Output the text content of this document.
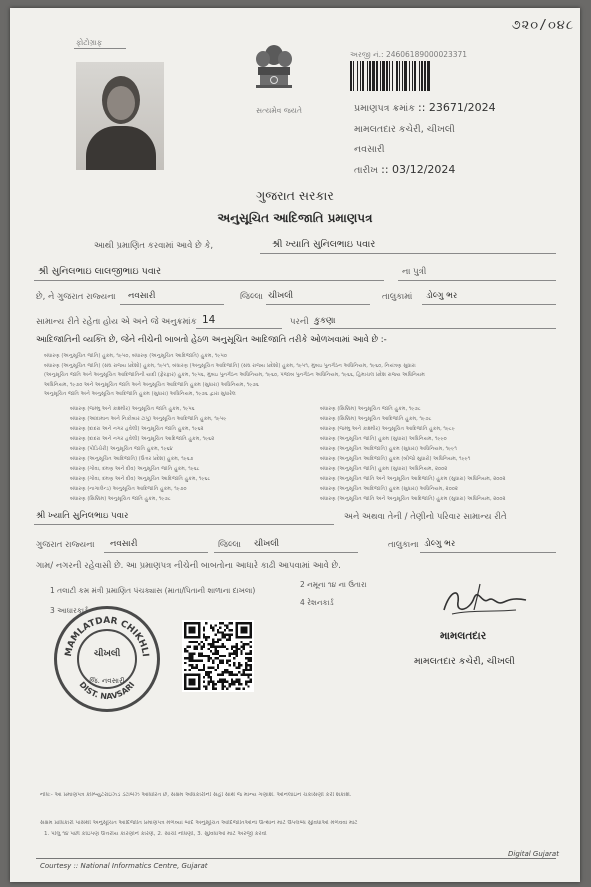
૭૨૦/૦૪૮
ફોટોગ્રાફ
સત્યમેવ જયતે
અરજી નં.: 24606189000023371
પ્રમાણપત્ર ક્રમાંક :: 23671/2024
મામલતદાર કચેરી, ચીખલી
નવસારી
તારીખ :: 03/12/2024
ગુજરાત સરકાર
અનુસૂચિત આદિજાતિ પ્રમાણપત્ર
આથી પ્રમાણિત કરવામાં આવે છે કે,	શ્રી ખ્યાતિ સુનિલભાઇ પવાર
શ્રી સુનિલભાઇ લાલજીભાઇ પવાર	ના પુત્રી
છે, ને ગુજરાત રાજ્યના નવસારી	જિલ્લા ચીખલી	તાલુકામાં ડોલ્ગુ ભર
સામાન્ય રીતે રહેતા હોય એ અને જે અનુક્રમાંક 14	પરની કુકણા
આદિજાતિની વ્યક્તિ છે, જેને નીચેની બાબતો હેઠળ અનુસૂચિત આદિજાતિ તરીકે ઓળખવામાં આવે છે :-
બંધારણ (અનુસૂચિત જાતિ) હુકમ, ૧૯૫૦, બંધારણ (અનુસૂચિત આદિજાતિ) હુકમ, ૧૯૫૦
બંધારણ (અનુસૂચિત જાતિ) (સંઘ રાજ્ય પ્રદેશો) હુકમ, ૧૯૫૧, બંધારણ (અનુસૂચિત આદિજાતિ) (સંઘ રાજ્ય પ્રદેશો) હુકમ, ૧૯૫૧, મુંબઇ પુનર્ગઠન અધિનિયમ, ૧૯૬૦, નિયંત્રણ સુધારા
(અનુસૂચિત જાતિ અને અનુસૂચિત આદિજાતિની યાદી (ફેરફાર) હુકમ, ૧૯૫૬, મુંબઇ પુનર્ગઠન અધિનિયમ, ૧૯૬૦, પંજાબ પુનર્ગઠન અધિનિયમ, ૧૯૬૬, હિમાચલ પ્રદેશ રાજ્ય અધિનિયમ
અધિનિયમ, ૧૯૭૦ અને અનુસૂચિત જાતિ અને અનુસૂચિત આદિજાતિ હુકમ (સુધારા) અધિનિયમ, ૧૯૭૬
અનુસૂચિત જાતિ અને અનુસૂચિત આદિજાતિ હુકમ (સુધારા) અધિનિયમ, ૧૯૭૬ દ્વારા સુધારેલ
બંધારણ (જમ્મુ અને કાશ્મીર) અનુસૂચિત જાતિ હુકમ, ૧૯૫૬
બંધારણ (આંદામાન અને નિકોબાર ટાપુ) અનુસૂચિત આદિજાતિ હુકમ, ૧૯૫૯
બંધારણ (દાદરા અને નગર હવેલી) અનુસૂચિત જાતિ હુકમ, ૧૯૬૨
બંધારણ (દાદરા અને નગર હવેલી) અનુસૂચિત આદિજાતિ હુકમ, ૧૯૬૨
બંધારણ (પોંડિચેરી) અનુસૂચિત જાતિ હુકમ, ૧૯૬૪
બંધારણ (અનુસૂચિત આદિજાતિ) (ઉત્તર પ્રદેશ) હુકમ, ૧૯૬૭
બંધારણ (ગોવા, દમણ અને દીવ) અનુસૂચિત જાતિ હુકમ, ૧૯૬૮
બંધારણ (ગોવા, દમણ અને દીવ) અનુસૂચિત આદિજાતિ હુકમ, ૧૯૬૮
બંધારણ (નાગાલેન્ડ) અનુસૂચિત આદિજાતિ હુકમ, ૧૯૭૦
બંધારણ (સિક્કિમ) અનુસૂચિત જાતિ હુકમ, ૧૯૭૮
બંધારણ (સિક્કિમ) અનુસૂચિત જાતિ હુકમ, ૧૯૭૮
બંધારણ (સિક્કિમ) અનુસૂચિત આદિજાતિ હુકમ, ૧૯૭૮
બંધારણ (જમ્મુ અને કાશ્મીર) અનુસૂચિત આદિજાતિ હુકમ, ૧૯૮૯
બંધારણ (અનુસૂચિત જાતિ) હુકમ (સુધારા) અધિનિયમ, ૧૯૯૦
બંધારણ (અનુસૂચિત આદિજાતિ) હુકમ (સુધારા) અધિનિયમ, ૧૯૯૧
બંધારણ (અનુસૂચિત આદિજાતિ) હુકમ (બીજો સુધારો) અધિનિયમ, ૧૯૯૧
બંધારણ (અનુસૂચિત જાતિ) હુકમ (સુધારા) અધિનિયમ, ૨૦૦૨
બંધારણ (અનુસૂચિત જાતિ અને અનુસૂચિત આદિજાતિ) હુકમ (સુધારા) અધિનિયમ, ૨૦૦૨
બંધારણ (અનુસૂચિત આદિજાતિ) હુકમ (સુધારા) અધિનિયમ, ૨૦૦૨
બંધારણ (અનુસૂચિત જાતિ અને અનુસૂચિત આદિજાતિ) હુકમ (સુધારા) અધિનિયમ, ૨૦૦૨
શ્રી ખ્યાતિ સુનિલભાઇ પવાર	અને અથવા તેની / તેણીનો પરિવાર સામાન્ય રીતે
ગુજરાત રાજ્યના નવસારી	જિલ્લા ચીખલી	તાલુકાના ડોલ્ગુ ભર
ગામ/ નગરની રહેવાસી છે. આ પ્રમાણપત્ર નીચેની બાબતોના આધારે કાઢી આપવામાં આવે છે.
1 તલાટી કમ મંત્રી પ્રમાણિત પંચક્યાસ (માતા/પિતાની શાળાના દાખલા)
2 નમૂના ૧૪ ના ઉતારા
3 આધારકાર્ડ
4 રેશનકાર્ડ
MAMLATDAR CHIKHLI
DIST. NAVSARI
ચીખલી
જિ. નવસારી
મામલતદાર
મામલતદાર કચેરી, ચીખલી
નોંધ:- આ પ્રમાણપત્ર કોમ્પ્યુટરાઇઝ્ડ ડેટાબેઝ આધારિત છે, સક્ષમ અધિકારીની સહી સાથે જ માન્ય ગણાશે. ઓનલાઇન ચકાસણી કરી શકાશે.
સક્ષમ પ્રાધિકારી પાસેથી અનુસૂચિત આદિજાતિ પ્રમાણપત્ર મેળવ્યા બાદ અનુસૂચિત આદિજાતિઓના ઉત્થાન માટે ઉપલબ્ધ સુવિધાઓ મેળવવા માટે
1. પીલું ૧૪ પછી કોઇપણ ઉત્તરીય કારણોને કારણે, 2. સાચી નોંધણી, 3. સુવિધાઓ માટે અરજી કરવી
Courtesy :: National Informatics Centre, Gujarat
Digital Gujarat
